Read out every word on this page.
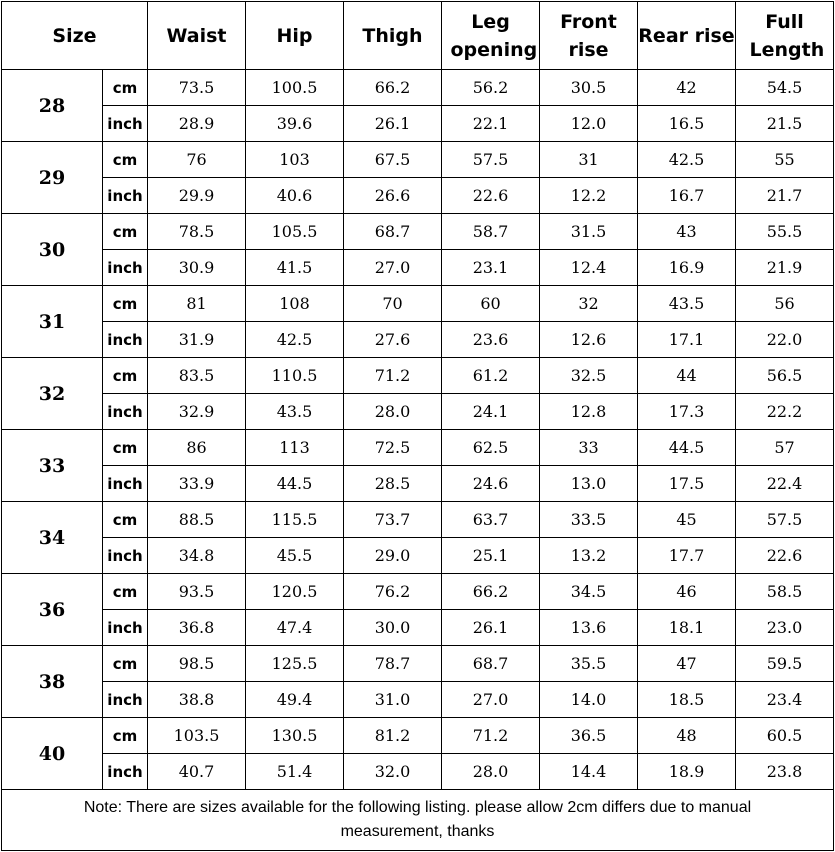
Size		Waist	Hip	Thigh	Leg opening	Front rise	Rear rise	Full Length
28	cm	73.5	100.5	66.2	56.2	30.5	42	54.5
	inch	28.9	39.6	26.1	22.1	12.0	16.5	21.5
29	cm	76	103	67.5	57.5	31	42.5	55
	inch	29.9	40.6	26.6	22.6	12.2	16.7	21.7
30	cm	78.5	105.5	68.7	58.7	31.5	43	55.5
	inch	30.9	41.5	27.0	23.1	12.4	16.9	21.9
31	cm	81	108	70	60	32	43.5	56
	inch	31.9	42.5	27.6	23.6	12.6	17.1	22.0
32	cm	83.5	110.5	71.2	61.2	32.5	44	56.5
	inch	32.9	43.5	28.0	24.1	12.8	17.3	22.2
33	cm	86	113	72.5	62.5	33	44.5	57
	inch	33.9	44.5	28.5	24.6	13.0	17.5	22.4
34	cm	88.5	115.5	73.7	63.7	33.5	45	57.5
	inch	34.8	45.5	29.0	25.1	13.2	17.7	22.6
36	cm	93.5	120.5	76.2	66.2	34.5	46	58.5
	inch	36.8	47.4	30.0	26.1	13.6	18.1	23.0
38	cm	98.5	125.5	78.7	68.7	35.5	47	59.5
	inch	38.8	49.4	31.0	27.0	14.0	18.5	23.4
40	cm	103.5	130.5	81.2	71.2	36.5	48	60.5
	inch	40.7	51.4	32.0	28.0	14.4	18.9	23.8
Note: There are sizes available for the following listing. please allow 2cm differs due to manual measurement, thanks								
